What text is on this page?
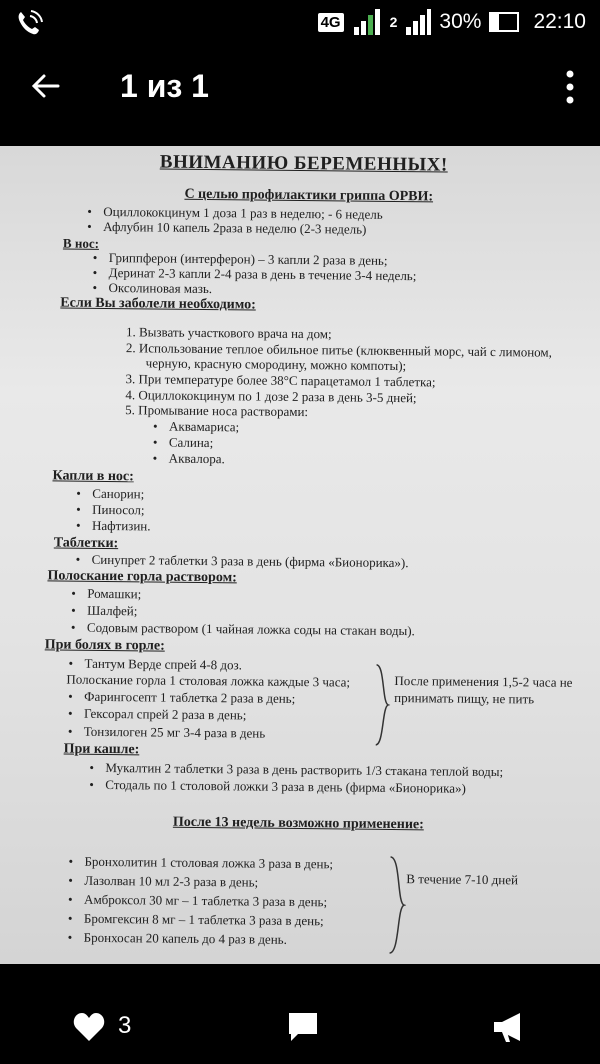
4G	2 30% 22:10
1 из 1
ВНИМАНИЮ БЕРЕМЕННЫХ!
С целью профилактики гриппа ОРВИ:
• Оциллококцинум 1 доза 1 раз в неделю; - 6 недель
• Афлубин 10 капель 2раза в неделю (2-3 недель)
В нос:
• Гриппферон (интерферон) – 3 капли 2 раза в день;
• Деринат 2-3 капли 2-4 раза в день в течение 3-4 недель;
• Оксолиновая мазь.
Если Вы заболели необходимо:
1. Вызвать участкового врача на дом;
2. Использование теплое обильное питье (клюквенный морс, чай с лимоном,
черную, красную смородину, можно компоты);
3. При температуре более 38°С парацетамол 1 таблетка;
4. Оциллококцинум по 1 дозе 2 раза в день 3-5 дней;
5. Промывание носа растворами:
• Аквамариса;
• Салина;
• Аквалора.
Капли в нос:
• Санорин;
• Пиносол;
• Нафтизин.
Таблетки:
• Синупрет 2 таблетки 3 раза в день (фирма «Бионорика»).
Полоскание горла раствором:
• Ромашки;
• Шалфей;
• Содовым раствором (1 чайная ложка соды на стакан воды).
При болях в горле:
• Тантум Верде спрей 4-8 доз.
Полоскание горла 1 столовая ложка каждые 3 часа;
• Фарингосепт 1 таблетка 2 раза в день;
• Гексорал спрей 2 раза в день;
• Тонзилоген 25 мг 3-4 раза в день
После применения 1,5-2 часа не
принимать пищу, не пить
При кашле:
• Мукалтин 2 таблетки 3 раза в день растворить 1/3 стакана теплой воды;
• Стодаль по 1 столовой ложки 3 раза в день (фирма «Бионорика»)
После 13 недель возможно применение:
• Бронхолитин 1 столовая ложка 3 раза в день;
• Лазолван 10 мл 2-3 раза в день;
• Амброксол 30 мг – 1 таблетка 3 раза в день;
• Бромгексин 8 мг – 1 таблетка 3 раза в день;
• Бронхосан 20 капель до 4 раз в день.
В течение 7-10 дней
3
